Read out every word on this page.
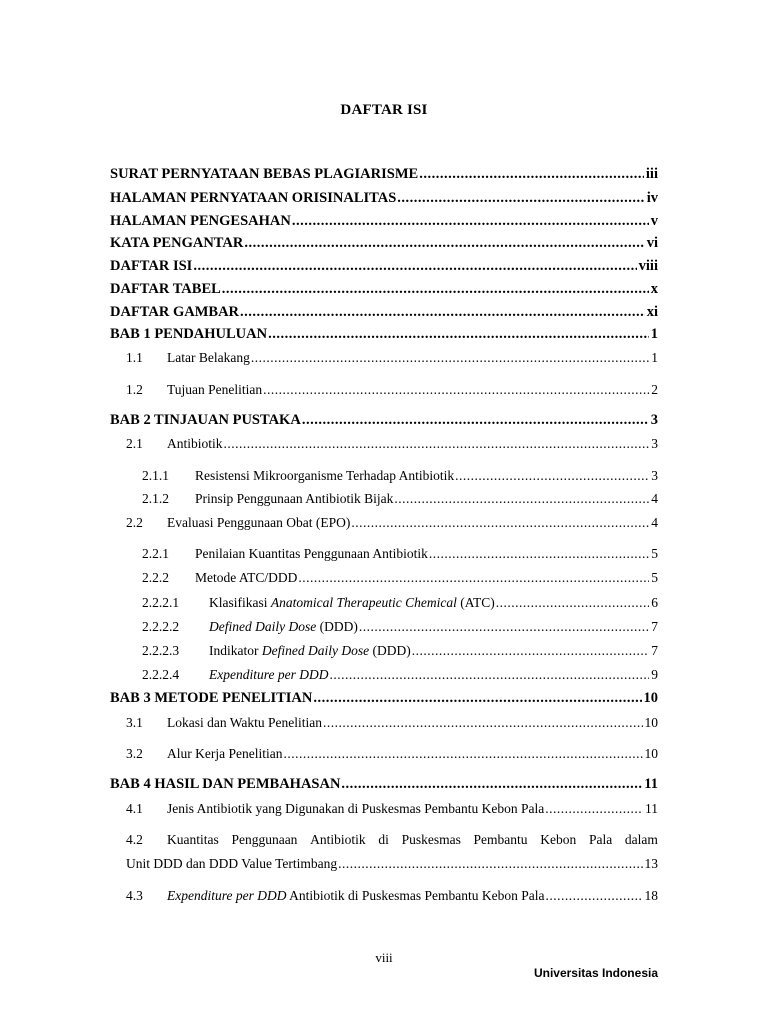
DAFTAR ISI
SURAT PERNYATAAN BEBAS PLAGIARISME .....	iii
HALAMAN PERNYATAAN ORISINALITAS .....	iv
HALAMAN PENGESAHAN .....	v
KATA PENGANTAR .....	vi
DAFTAR ISI .....	viii
DAFTAR TABEL .....	x
DAFTAR GAMBAR .....	xi
BAB 1 PENDAHULUAN .....	1
1.1	Latar Belakang .....	1
1.2	Tujuan Penelitian .....	2
BAB 2 TINJAUAN PUSTAKA .....	3
2.1	Antibiotik .....	3
2.1.1	Resistensi Mikroorganisme Terhadap Antibiotik .....	3
2.1.2	Prinsip Penggunaan Antibiotik Bijak .....	4
2.2	Evaluasi Penggunaan Obat (EPO) .....	4
2.2.1	Penilaian Kuantitas Penggunaan Antibiotik .....	5
2.2.2	Metode ATC/DDD .....	5
2.2.2.1	Klasifikasi Anatomical Therapeutic Chemical (ATC) .....	6
2.2.2.2	Defined Daily Dose (DDD) .....	7
2.2.2.3	Indikator Defined Daily Dose (DDD) .....	7
2.2.2.4	Expenditure per DDD .....	9
BAB 3 METODE PENELITIAN .....	10
3.1	Lokasi dan Waktu Penelitian .....	10
3.2	Alur Kerja Penelitian .....	10
BAB 4 HASIL DAN PEMBAHASAN .....	11
4.1	Jenis Antibiotik yang Digunakan di Puskesmas Pembantu Kebon Pala .....	11
4.2	Kuantitas Penggunaan Antibiotik di Puskesmas Pembantu Kebon Pala dalam
Unit DDD dan DDD Value Tertimbang .....	13
4.3	Expenditure per DDD Antibiotik di Puskesmas Pembantu Kebon Pala .....	18
viii
Universitas Indonesia
